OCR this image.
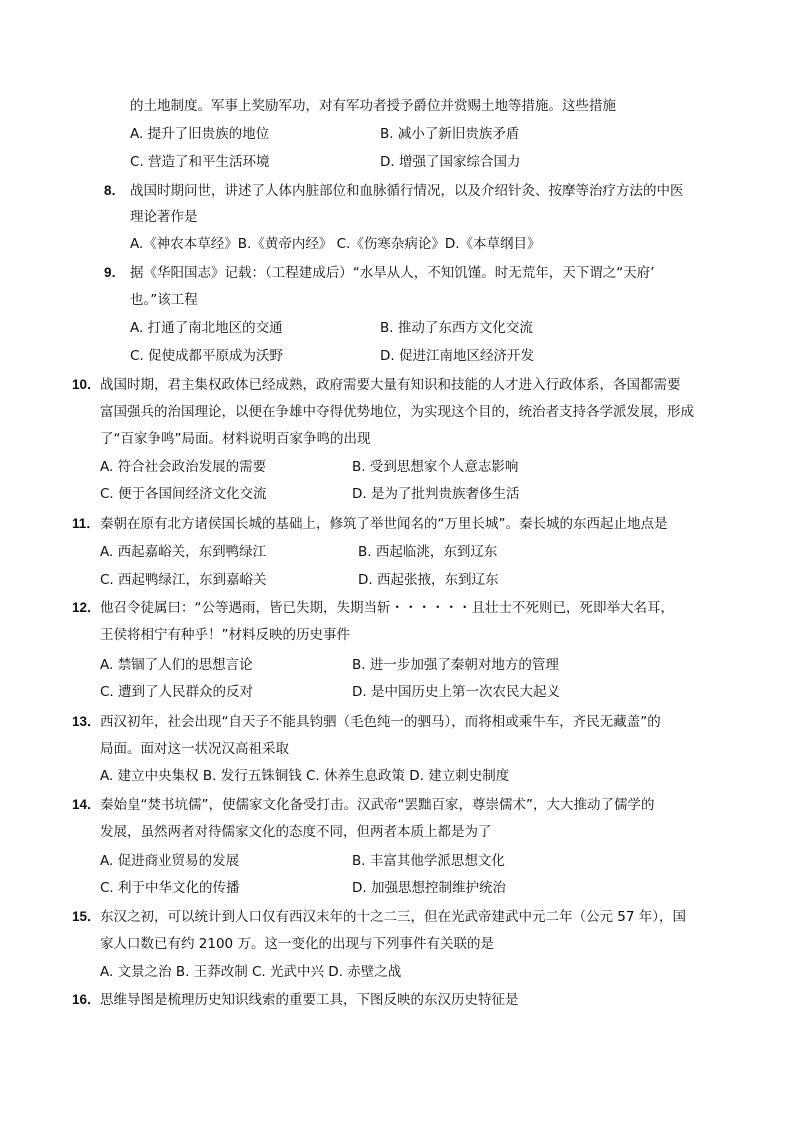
的土地制度。军事上奖励军功，对有军功者授予爵位并赏赐土地等措施。这些措施
A. 提升了旧贵族的地位	B. 减小了新旧贵族矛盾
C. 营造了和平生活环境	D. 增强了国家综合国力
8． 战国时期问世，讲述了人体内脏部位和血脉循行情况，以及介绍针灸、按摩等治疗方法的中医
理论著作是
A.《神农本草经》B.《黄帝内经》 C.《伤寒杂病论》D.《本草纲目》
9． 据《华阳国志》记载：（工程建成后）“水旱从人，不知饥馑。时无荒年，天下谓之“天府’
也。”该工程
A. 打通了南北地区的交通	B. 推动了东西方文化交流
C. 促使成都平原成为沃野	D. 促进江南地区经济开发
10． 战国时期，君主集权政体已经成熟，政府需要大量有知识和技能的人才进入行政体系，各国都需要
富国强兵的治国理论，以便在争雄中夺得优势地位，为实现这个目的，统治者支持各学派发展，形成
了“百家争鸣”局面。材料说明百家争鸣的出现
A. 符合社会政治发展的需要	B. 受到思想家个人意志影响
C. 便于各国间经济文化交流	D. 是为了批判贵族奢侈生活
11． 秦朝在原有北方诸侯国长城的基础上，修筑了举世闻名的“万里长城”。秦长城的东西起止地点是
A. 西起嘉峪关，东到鸭绿江	B. 西起临洮，东到辽东
C. 西起鸭绿江，东到嘉峪关	D. 西起张掖，东到辽东
12． 他召令徒属曰：“公等遇雨，皆已失期，失期当斩・・・・・・且壮士不死则已，死即举大名耳，
王侯将相宁有种乎！”材料反映的历史事件
A. 禁锢了人们的思想言论	B. 进一步加强了秦朝对地方的管理
C. 遭到了人民群众的反对	D. 是中国历史上第一次农民大起义
13． 西汉初年，社会出现“自天子不能具钧驷（毛色纯一的驷马），而将相或乘牛车，齐民无藏盖”的
局面。面对这一状况汉高祖采取
A. 建立中央集权 B. 发行五铢铜钱 C. 休养生息政策 D. 建立刺史制度
14． 秦始皇“焚书坑儒”，使儒家文化备受打击。汉武帝“罢黜百家，尊崇儒术”，大大推动了儒学的
发展，虽然两者对待儒家文化的态度不同，但两者本质上都是为了
A. 促进商业贸易的发展	B. 丰富其他学派思想文化
C. 利于中华文化的传播	D. 加强思想控制维护统治
15． 东汉之初，可以统计到人口仅有西汉末年的十之二三，但在光武帝建武中元二年（公元 57 年），国
家人口数已有约 2100 万。这一变化的出现与下列事件有关联的是
A. 文景之治 B. 王莽改制 C. 光武中兴 D. 赤壁之战
16． 思维导图是梳理历史知识线索的重要工具，下图反映的东汉历史特征是
